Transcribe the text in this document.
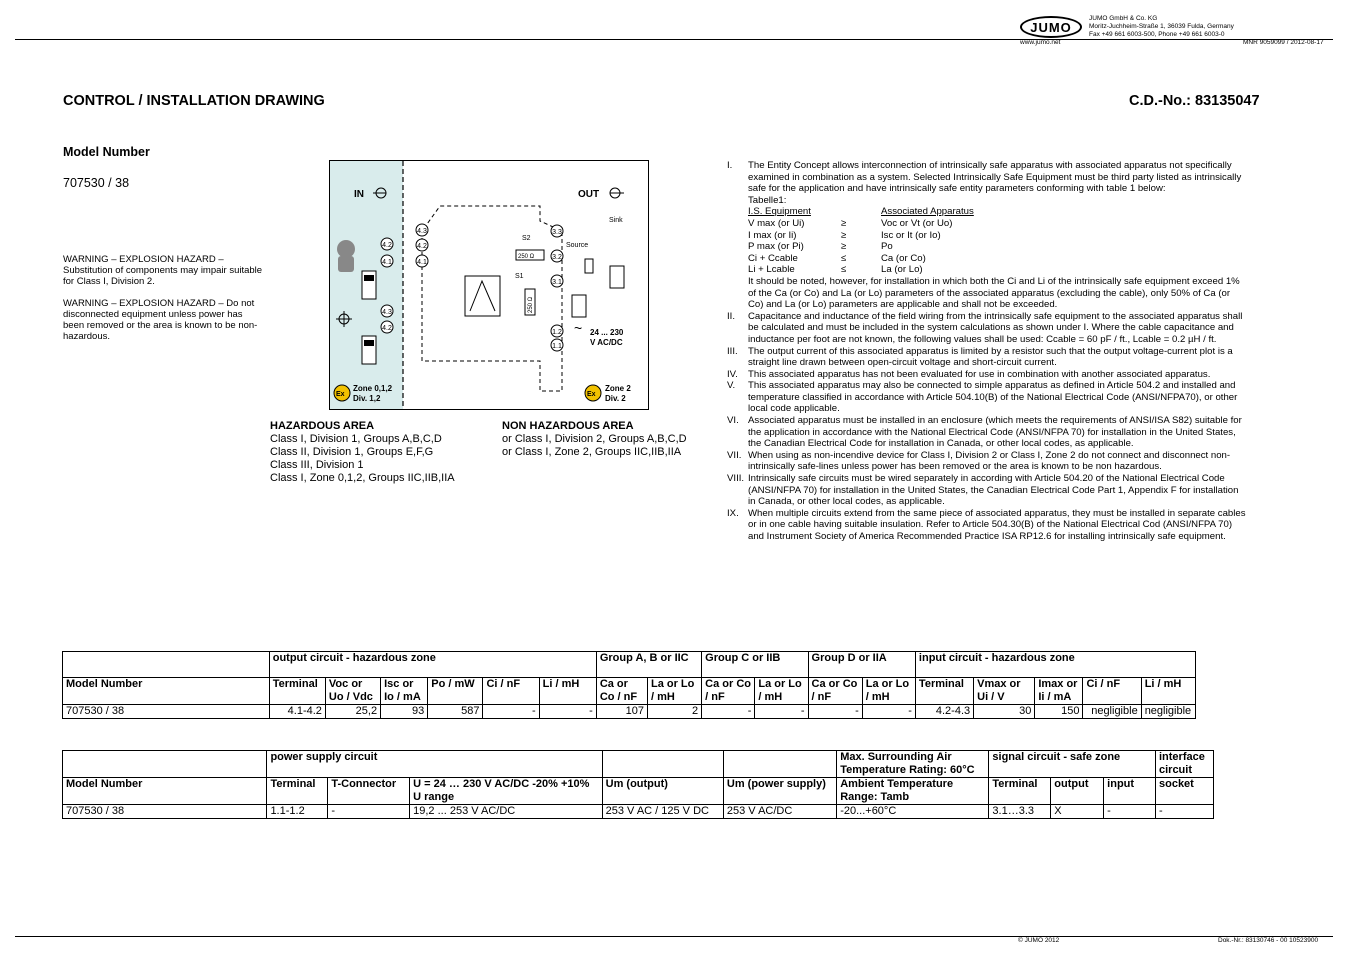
JUMO
JUMO GmbH & Co. KG
Moritz-Juchheim-Straße 1, 36039 Fulda, Germany
Fax +49 661 6003-500, Phone +49 661 6003-0
www.jumo.net	MNR 9059099 / 2012-08-17
CONTROL / INSTALLATION DRAWING	C.D.-No.: 83135047
Model Number
707530 / 38
WARNING – EXPLOSION HAZARD – Substitution of components may impair suitable for Class I, Division 2.
WARNING – EXPLOSION HAZARD – Do not disconnected equipment unless power has been removed or the area is known to be non-hazardous.
IN	OUT
4.2
4.1
4.3
4.2
4.3
4.2
4.1
3.3
3.2
3.1
1.2
1.1
S2
S1
250 Ω
250 Ω
Sink
Source
~ 24 ... 230
V AC/DC
Ex
Zone 0,1,2
Div. 1,2	Ex
Zone 2
Div. 2
HAZARDOUS AREA
Class I, Division 1, Groups A,B,C,D
Class II, Division 1, Groups E,F,G
Class III, Division 1
Class I, Zone 0,1,2, Groups IIC,IIB,IIA
NON HAZARDOUS AREA
or Class I, Division 2, Groups A,B,C,D
or Class I, Zone 2, Groups IIC,IIB,IIA
I.	The Entity Concept allows interconnection of intrinsically safe apparatus with associated apparatus not specifically examined in combination as a system. Selected Intrinsically Safe Equipment must be third party listed as intrinsically safe for the application and have intrinsically safe entity parameters conforming with table 1 below:
Tabelle1:
I.S. Equipment	Associated Apparatus
V max (or Ui)	≥	Voc or Vt (or Uo)
I max (or Ii)	≥	Isc or It (or Io)
P max (or Pi)	≥	Po
Ci + Ccable	≤	Ca (or Co)
Li + Lcable	≤	La (or Lo)
It should be noted, however, for installation in which both the Ci and Li of the intrinsically safe equipment exceed 1% of the Ca (or Co) and La (or Lo) parameters of the associated apparatus (excluding the cable), only 50% of Ca (or Co) and La (or Lo) parameters are applicable and shall not be exceeded.
II.	Capacitance and inductance of the field wiring from the intrinsically safe equipment to the associated apparatus shall be calculated and must be included in the system calculations as shown under I. Where the cable capacitance and inductance per foot are not known, the following values shall be used: Ccable = 60 pF / ft., Lcable = 0.2 µH / ft.
III.	The output current of this associated apparatus is limited by a resistor such that the output voltage-current plot is a straight line drawn between open-circuit voltage and short-circuit current.
IV.	This associated apparatus has not been evaluated for use in combination with another associated apparatus.
V.	This associated apparatus may also be connected to simple apparatus as defined in Article 504.2 and installed and temperature classified in accordance with Article 504.10(B) of the National Electrical Code (ANSI/NFPA70), or other local code applicable.
VI. Associated apparatus must be installed in an enclosure (which meets the requirements of ANSI/ISA S82) suitable for the application in accordance with the National Electrical Code (ANSI/NFPA 70) for installation in the United States, the Canadian Electrical Code for installation in Canada, or other local codes, as applicable.
VII. When using as non-incendive device for Class I, Division 2 or Class I, Zone 2 do not connect and disconnect non-intrinsically safe-lines unless power has been removed or the area is known to be non hazardous.
VIII. Intrinsically safe circuits must be wired separately in according with Article 504.20 of the National Electrical Code (ANSI/NFPA 70) for installation in the United States, the Canadian Electrical Code Part 1, Appendix F for installation in Canada, or other local codes, as applicable.
IX. When multiple circuits extend from the same piece of associated apparatus, they must be installed in separate cables or in one cable having suitable insulation. Refer to Article 504.30(B) of the National Electrical Cod (ANSI/NFPA 70) and Instrument Society of America Recommended Practice ISA RP12.6 for installing intrinsically safe equipment.
	output circuit - hazardous zone						Group A, B or IIC		Group C or IIB		Group D or IIA		input circuit - hazardous zone				
Model Number	Terminal	Voc or Uo / Vdc	Isc or Io / mA	Po / mW	Ci / nF	Li / mH	Ca or Co / nF	La or Lo / mH	Ca or Co / nF	La or Lo / mH	Ca or Co / nF	La or Lo / mH	Terminal	Vmax or Ui / V	Imax or Ii / mA	Ci / nF	Li / mH
707530 / 38	4.1-4.2	25,2	93	587	-	-	107	2	-	-	-	-	4.2-4.3	30	150	negligible	negligible
	power supply circuit					Max. Surrounding Air Temperature Rating: 60°C	signal circuit - safe zone			interface circuit
Model Number	Terminal	T-Connector	U = 24 … 230 V AC/DC -20% +10% U range	Um (output)	Um (power supply)	Ambient Temperature Range: Tamb	Terminal	output	input	socket
707530 / 38	1.1-1.2	-	19,2 ... 253 V AC/DC	253 V AC / 125 V DC	253 V AC/DC	-20...+60°C	3.1…3.3	X	-	-
© JUMO 2012	Dok.-Nr.: 83130746 - 00 10523900
